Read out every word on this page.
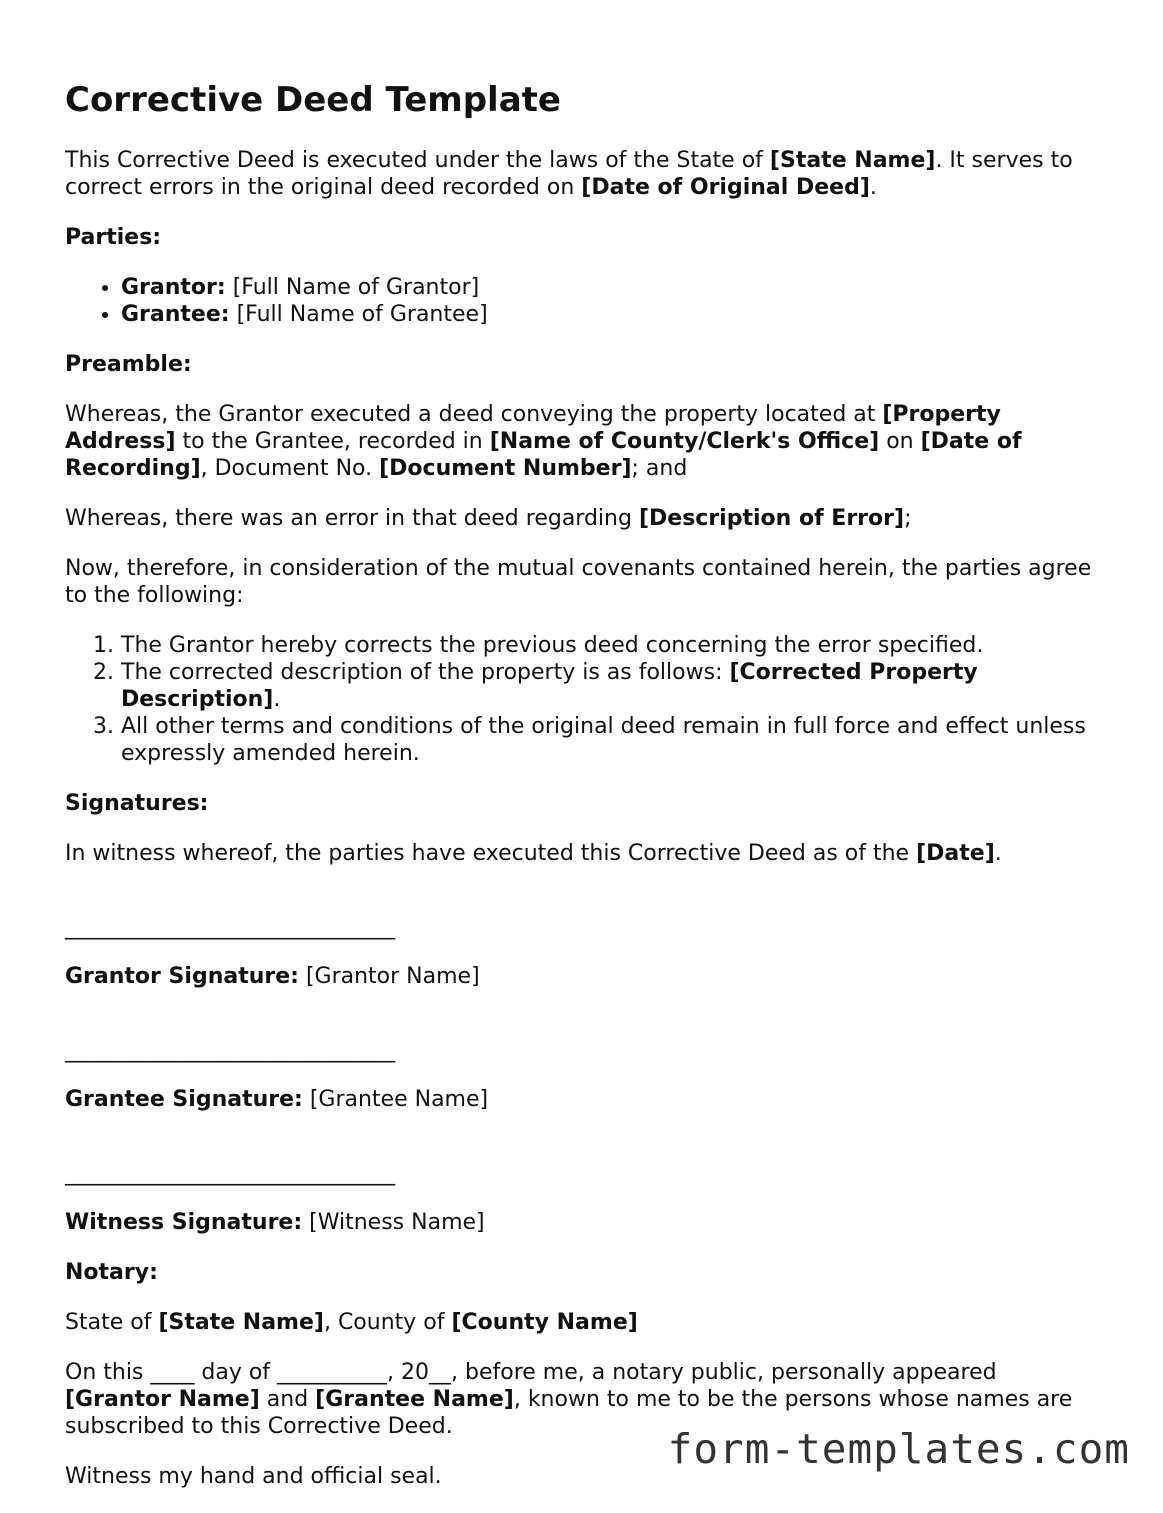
Corrective Deed Template

This Corrective Deed is executed under the laws of the State of [State Name]. It serves to correct errors in the original deed recorded on [Date of Original Deed].

Parties:

• Grantor: [Full Name of Grantor]
• Grantee: [Full Name of Grantee]

Preamble:

Whereas, the Grantor executed a deed conveying the property located at [Property Address] to the Grantee, recorded in [Name of County/Clerk's Office] on [Date of Recording], Document No. [Document Number]; and

Whereas, there was an error in that deed regarding [Description of Error];

Now, therefore, in consideration of the mutual covenants contained herein, the parties agree to the following:

1. The Grantor hereby corrects the previous deed concerning the error specified.
2. The corrected description of the property is as follows: [Corrected Property Description].
3. All other terms and conditions of the original deed remain in full force and effect unless expressly amended herein.

Signatures:

In witness whereof, the parties have executed this Corrective Deed as of the [Date].

______________________________

Grantor Signature: [Grantor Name]

______________________________

Grantee Signature: [Grantee Name]

______________________________

Witness Signature: [Witness Name]

Notary:

State of [State Name], County of [County Name]

On this ____ day of __________, 20__, before me, a notary public, personally appeared [Grantor Name] and [Grantee Name], known to me to be the persons whose names are subscribed to this Corrective Deed.

Witness my hand and official seal.

form-templates.com
